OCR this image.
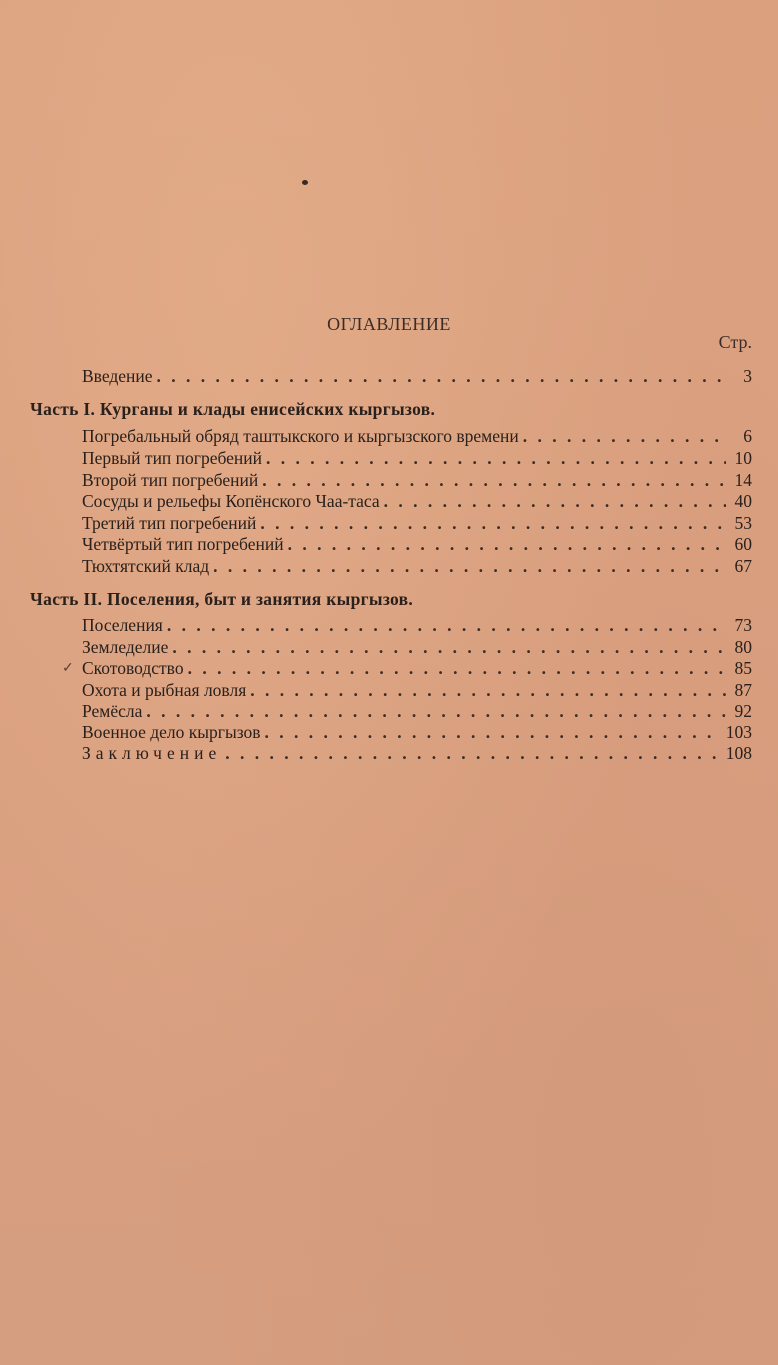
ОГЛАВЛЕНИЕ
Стр.
Введение . . .	3
Часть I. Курганы и клады енисейских кыргызов.
Погребальный обряд таштыкского и кыргызского времени . . .	6
Первый тип погребений . . .	10
Второй тип погребений . . .	14
Сосуды и рельефы Копёнского Чаа-таса . . .	40
Третий тип погребений . . .	53
Четвёртый тип погребений . . .	60
Тюхтятский клад . . .	67
Часть II. Поселения, быт и занятия кыргызов.
Поселения . . .	73
Земледелие . . .	80
Скотоводство . . .	85
Охота и рыбная ловля . . .	87
Ремёсла . . .	92
Военное дело кыргызов . . .	103
Заключение . . .	108
✓
